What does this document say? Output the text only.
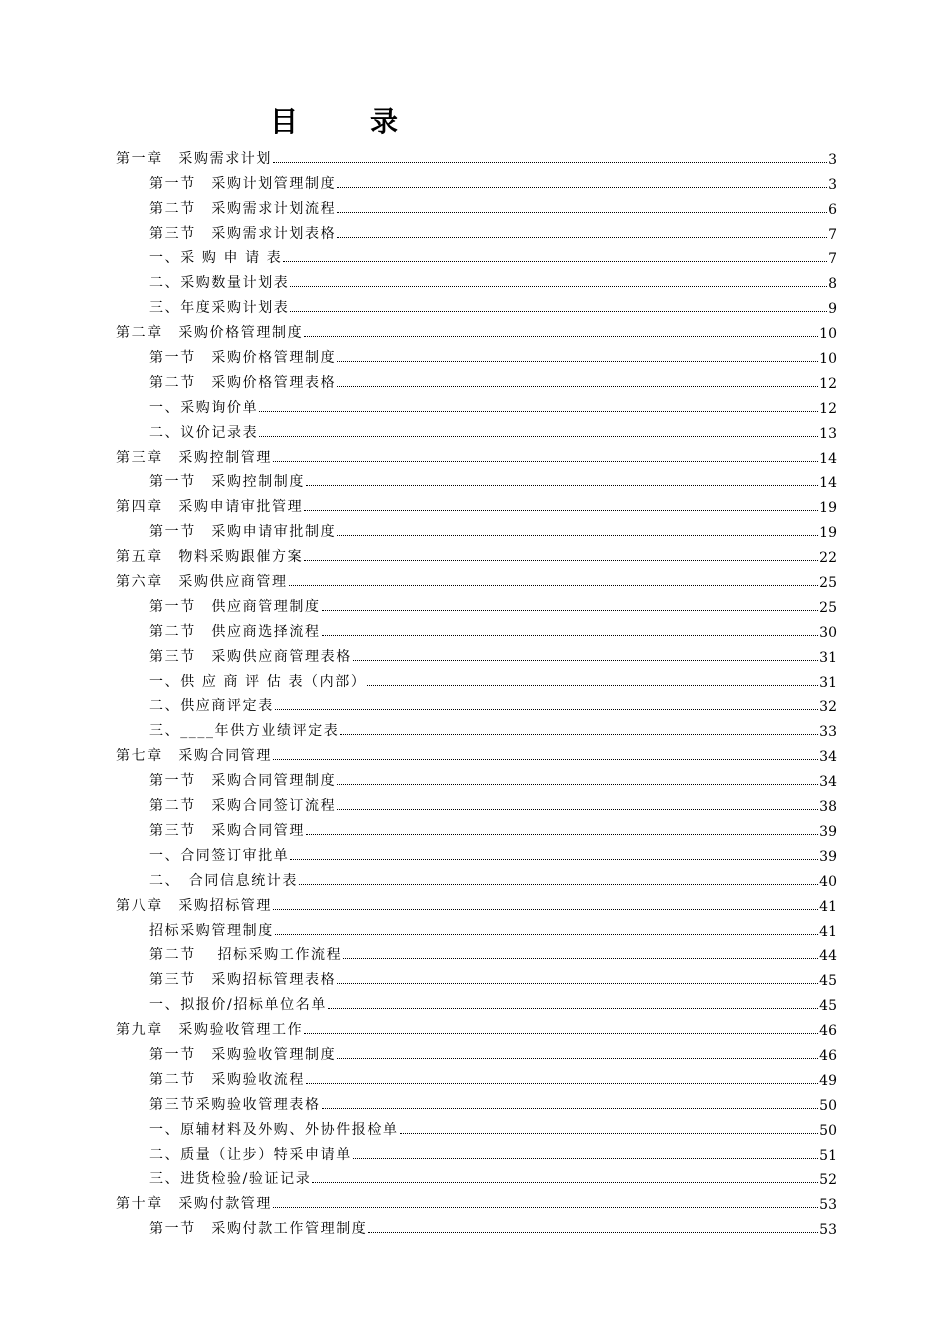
目　录
第一章　采购需求计划	3
第一节　采购计划管理制度	3
第二节　采购需求计划流程	6
第三节　采购需求计划表格	7
一、采 购 申 请 表	7
二、采购数量计划表	8
三、年度采购计划表	9
第二章　采购价格管理制度	10
第一节　采购价格管理制度	10
第二节　采购价格管理表格	12
一、采购询价单	12
二、议价记录表	13
第三章　采购控制管理	14
第一节　采购控制制度	14
第四章　采购申请审批管理	19
第一节　采购申请审批制度	19
第五章　物料采购跟催方案	22
第六章　采购供应商管理	25
第一节　供应商管理制度	25
第二节　供应商选择流程	30
第三节　采购供应商管理表格	31
一、供 应 商 评 估 表（内部）	31
二、供应商评定表	32
三、____年供方业绩评定表	33
第七章　采购合同管理	34
第一节　采购合同管理制度	34
第二节　采购合同签订流程	38
第三节　采购合同管理	39
一、合同签订审批单	39
二、　合同信息统计表	40
第八章　采购招标管理	41
招标采购管理制度	41
第二节　 招标采购工作流程	44
第三节　采购招标管理表格	45
一、拟报价/招标单位名单	45
第九章　采购验收管理工作	46
第一节　采购验收管理制度	46
第二节　采购验收流程	49
第三节采购验收管理表格	50
一、原辅材料及外购、外协件报检单	50
二、质量（让步）特采申请单	51
三、进货检验/验证记录	52
第十章　采购付款管理	53
第一节　采购付款工作管理制度	53
